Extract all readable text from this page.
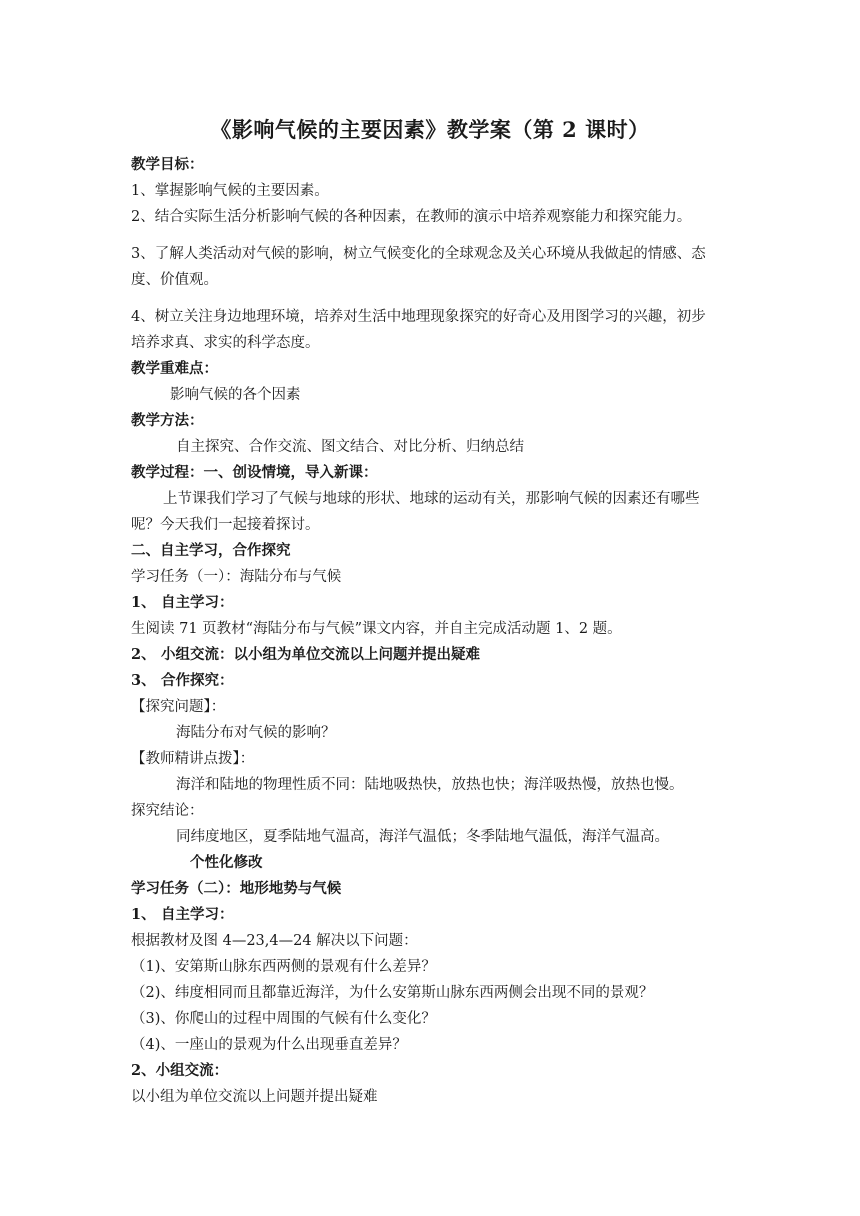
《影响气候的主要因素》教学案（第 2 课时）
教学目标：
1、掌握影响气候的主要因素。
2、结合实际生活分析影响气候的各种因素，在教师的演示中培养观察能力和探究能力。
3、了解人类活动对气候的影响，树立气候变化的全球观念及关心环境从我做起的情感、态
度、价值观。
4、树立关注身边地理环境，培养对生活中地理现象探究的好奇心及用图学习的兴趣，初步
培养求真、求实的科学态度。
教学重难点：
影响气候的各个因素
教学方法：
自主探究、合作交流、图文结合、对比分析、归纳总结
教学过程：一、创设情境，导入新课：
上节课我们学习了气候与地球的形状、地球的运动有关，那影响气候的因素还有哪些
呢？今天我们一起接着探讨。
二、自主学习，合作探究
学习任务（一）：海陆分布与气候
1、 自主学习：
生阅读 71 页教材“海陆分布与气候”课文内容，并自主完成活动题 1、2 题。
2、 小组交流：以小组为单位交流以上问题并提出疑难
3、 合作探究：
【探究问题】：
海陆分布对气候的影响？
【教师精讲点拨】：
海洋和陆地的物理性质不同：陆地吸热快，放热也快；海洋吸热慢，放热也慢。
探究结论：
同纬度地区，夏季陆地气温高，海洋气温低；冬季陆地气温低，海洋气温高。
个性化修改
学习任务（二）：地形地势与气候
1、 自主学习：
根据教材及图 4—23,4—24 解决以下问题：
（1)、安第斯山脉东西两侧的景观有什么差异？
（2)、纬度相同而且都靠近海洋，为什么安第斯山脉东西两侧会出现不同的景观？
（3)、你爬山的过程中周围的气候有什么变化？
（4)、一座山的景观为什么出现垂直差异？
2、小组交流：
以小组为单位交流以上问题并提出疑难
